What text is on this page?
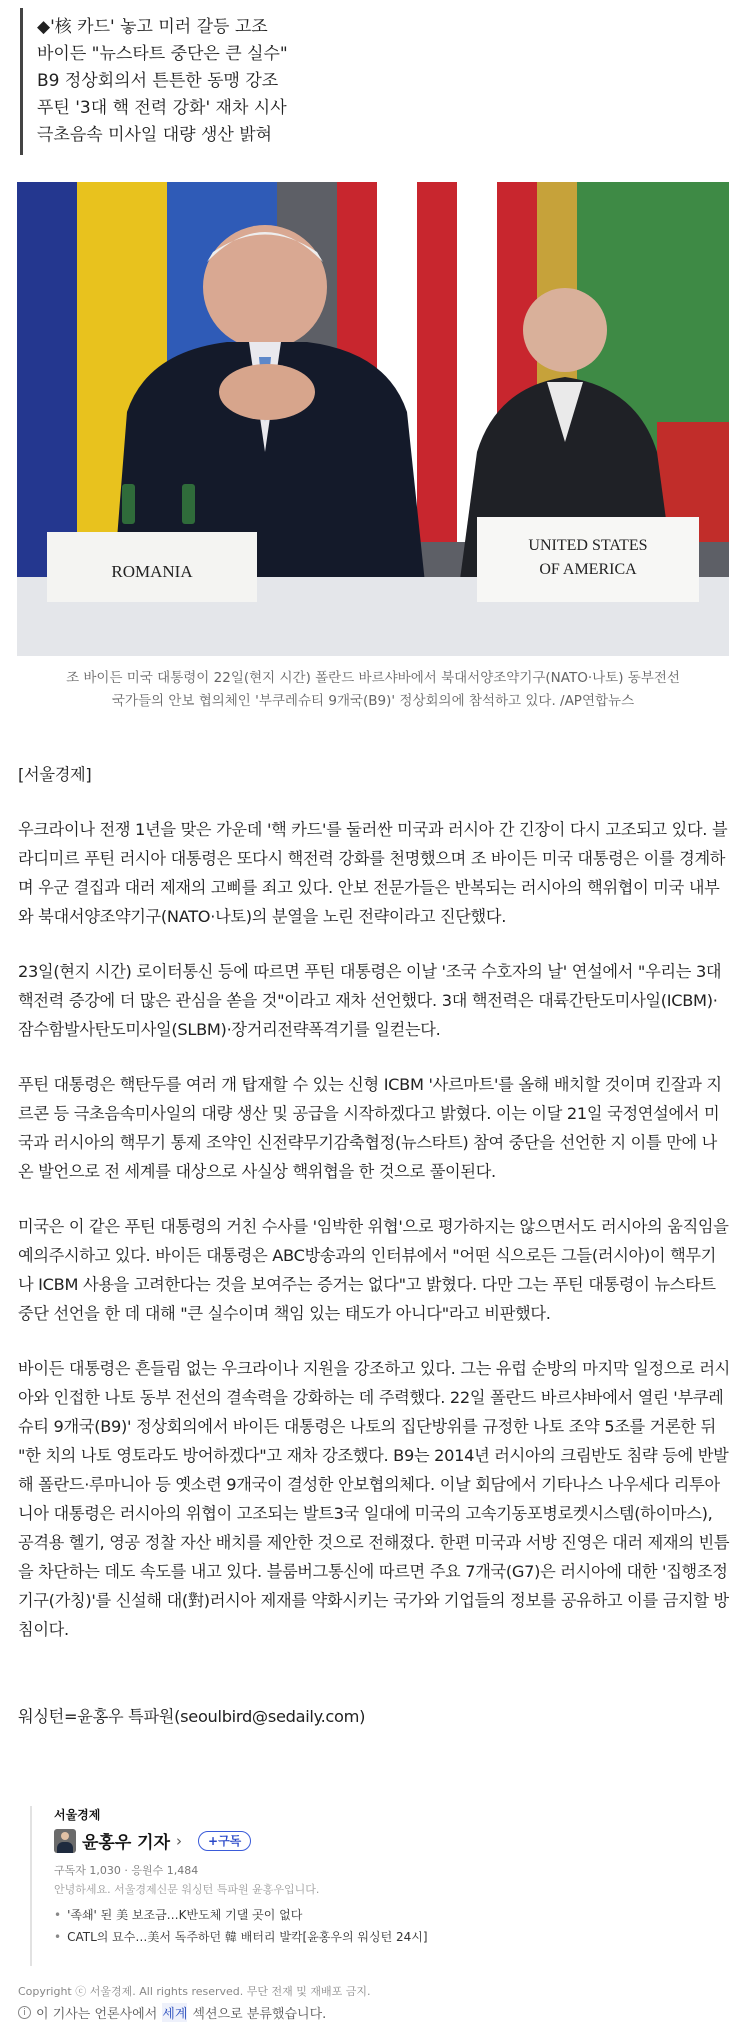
◆'核 카드' 놓고 미러 갈등 고조
바이든 "뉴스타트 중단은 큰 실수"
B9 정상회의서 튼튼한 동맹 강조
푸틴 '3대 핵 전력 강화' 재차 시사
극초음속 미사일 대량 생산 밝혀
ROMANIA
UNITED STATES
OF AMERICA
조 바이든 미국 대통령이 22일(현지 시간) 폴란드 바르샤바에서 북대서양조약기구(NATO·나토) 동부전선
국가들의 안보 협의체인 '부쿠레슈티 9개국(B9)' 정상회의에 참석하고 있다. /AP연합뉴스

[서울경제]

우크라이나 전쟁 1년을 맞은 가운데 '핵 카드'를 둘러싼 미국과 러시아 간 긴장이 다시 고조되고 있다. 블라디미르 푸틴 러시아 대통령은 또다시 핵전력 강화를 천명했으며 조 바이든 미국 대통령은 이를 경계하며 우군 결집과 대러 제재의 고삐를 죄고 있다. 안보 전문가들은 반복되는 러시아의 핵위협이 미국 내부와 북대서양조약기구(NATO·나토)의 분열을 노린 전략이라고 진단했다.

23일(현지 시간) 로이터통신 등에 따르면 푸틴 대통령은 이날 '조국 수호자의 날' 연설에서 "우리는 3대 핵전력 증강에 더 많은 관심을 쏟을 것"이라고 재차 선언했다. 3대 핵전력은 대륙간탄도미사일(ICBM)·잠수함발사탄도미사일(SLBM)·장거리전략폭격기를 일컫는다.

푸틴 대통령은 핵탄두를 여러 개 탑재할 수 있는 신형 ICBM '사르마트'를 올해 배치할 것이며 킨잘과 지르콘 등 극초음속미사일의 대량 생산 및 공급을 시작하겠다고 밝혔다. 이는 이달 21일 국정연설에서 미국과 러시아의 핵무기 통제 조약인 신전략무기감축협정(뉴스타트) 참여 중단을 선언한 지 이틀 만에 나온 발언으로 전 세계를 대상으로 사실상 핵위협을 한 것으로 풀이된다.

미국은 이 같은 푸틴 대통령의 거친 수사를 '임박한 위협'으로 평가하지는 않으면서도 러시아의 움직임을 예의주시하고 있다. 바이든 대통령은 ABC방송과의 인터뷰에서 "어떤 식으로든 그들(러시아)이 핵무기나 ICBM 사용을 고려한다는 것을 보여주는 증거는 없다"고 밝혔다. 다만 그는 푸틴 대통령이 뉴스타트 중단 선언을 한 데 대해 "큰 실수이며 책임 있는 태도가 아니다"라고 비판했다.

바이든 대통령은 흔들림 없는 우크라이나 지원을 강조하고 있다. 그는 유럽 순방의 마지막 일정으로 러시아와 인접한 나토 동부 전선의 결속력을 강화하는 데 주력했다. 22일 폴란드 바르샤바에서 열린 '부쿠레슈티 9개국(B9)' 정상회의에서 바이든 대통령은 나토의 집단방위를 규정한 나토 조약 5조를 거론한 뒤 "한 치의 나토 영토라도 방어하겠다"고 재차 강조했다. B9는 2014년 러시아의 크림반도 침략 등에 반발해 폴란드·루마니아 등 옛소련 9개국이 결성한 안보협의체다. 이날 회담에서 기타나스 나우세다 리투아니아 대통령은 러시아의 위협이 고조되는 발트3국 일대에 미국의 고속기동포병로켓시스템(하이마스), 공격용 헬기, 영공 정찰 자산 배치를 제안한 것으로 전해졌다. 한편 미국과 서방 진영은 대러 제재의 빈틈을 차단하는 데도 속도를 내고 있다. 블룸버그통신에 따르면 주요 7개국(G7)은 러시아에 대한 '집행조정기구(가칭)'를 신설해 대(對)러시아 제재를 약화시키는 국가와 기업들의 정보를 공유하고 이를 금지할 방침이다.

워싱턴=윤홍우 특파원(seoulbird@sedaily.com)

서울경제
윤홍우 기자 ›	+구독
구독자 1,030 · 응원수 1,484
안녕하세요. 서울경제신문 워싱턴 특파원 윤홍우입니다.
• '족쇄' 된 美 보조금…K반도체 기댈 곳이 없다
• CATL의 묘수…美서 독주하던 韓 배터리 발칵[윤홍우의 워싱턴 24시]
Copyright ⓒ 서울경제. All rights reserved. 무단 전재 및 재배포 금지.
i 이 기사는 언론사에서 세계 섹션으로 분류했습니다.
